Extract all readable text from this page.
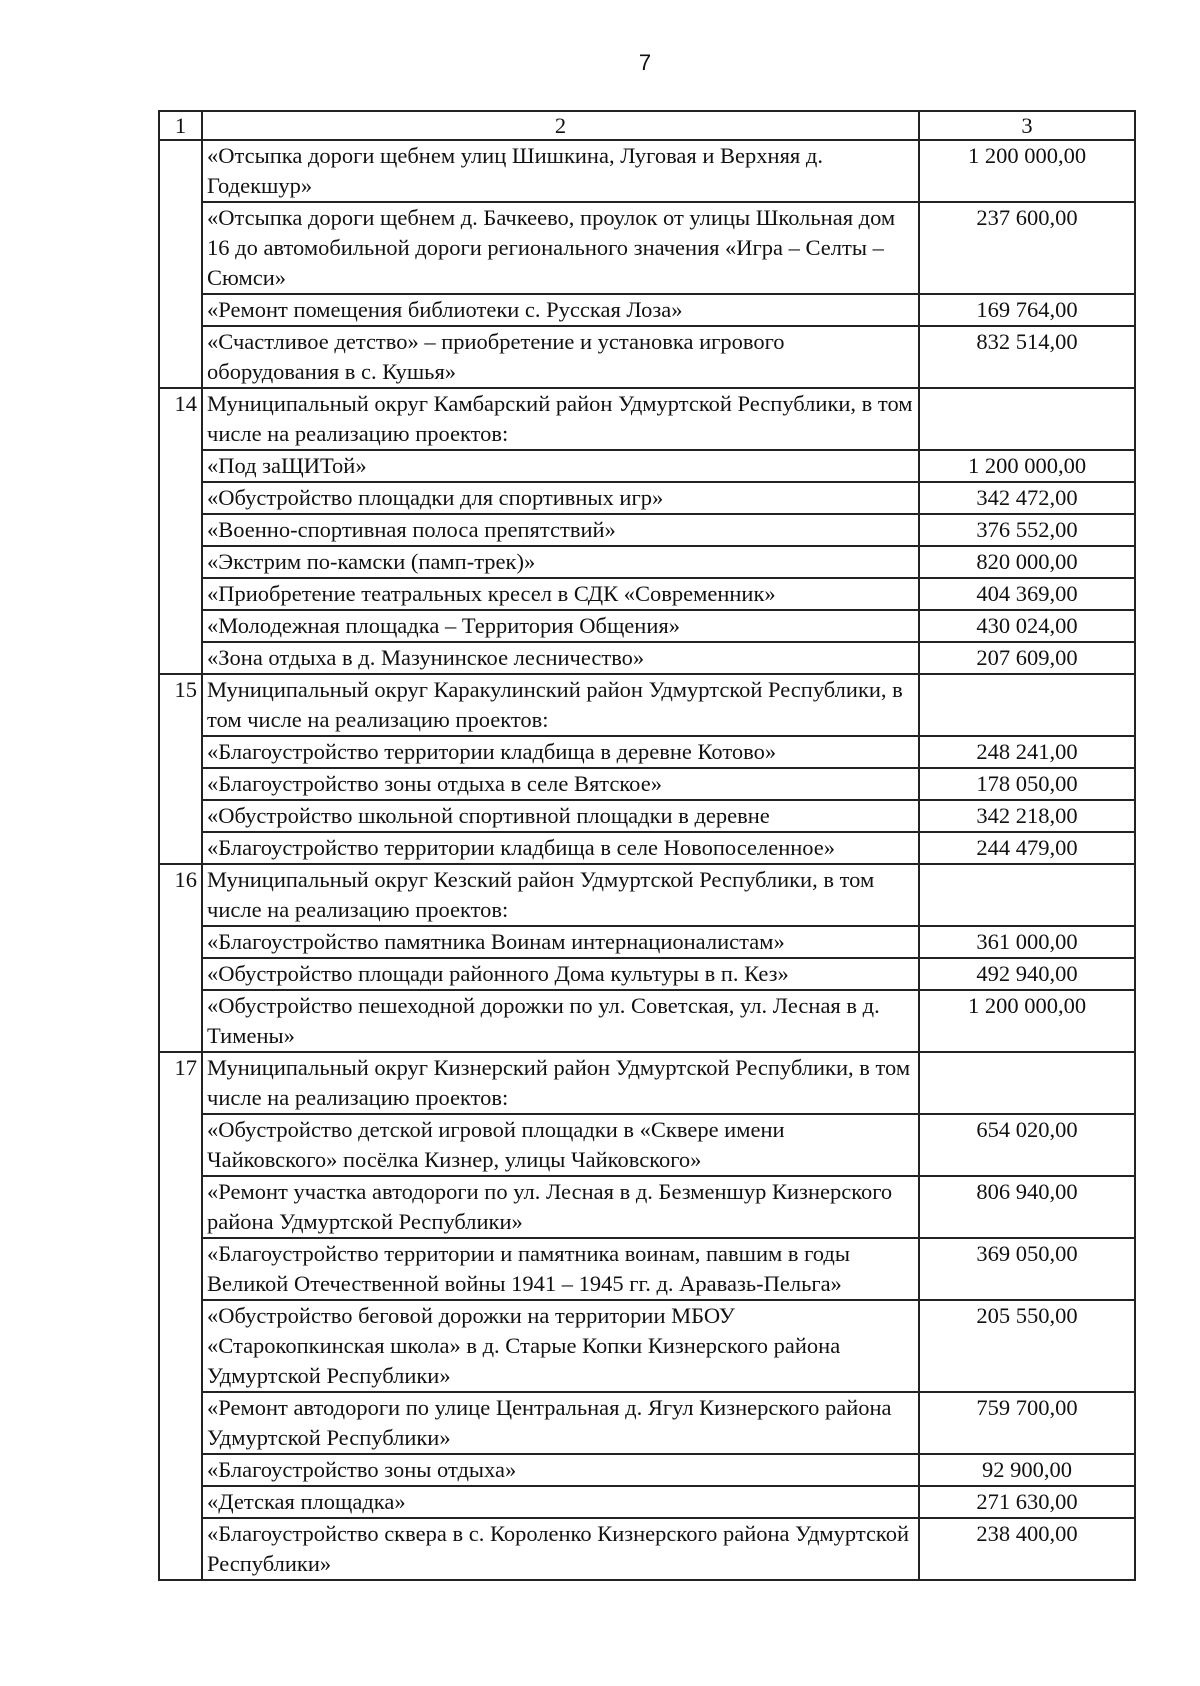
7
1	2	3
	«Отсыпка дороги щебнем улиц Шишкина, Луговая и Верхняя д. Годекшур»	1 200 000,00
	«Отсыпка дороги щебнем д. Бачкеево, проулок от улицы Школьная дом 16 до автомобильной дороги регионального значения «Игра – Селты – Сюмси»	237 600,00
	«Ремонт помещения библиотеки с. Русская Лоза»	169 764,00
	«Счастливое детство» – приобретение и установка игрового оборудования в с. Кушья»	832 514,00
14	Муниципальный округ Камбарский район Удмуртской Республики, в том числе на реализацию проектов:	
	«Под заЩИТой»	1 200 000,00
	«Обустройство площадки для спортивных игр»	342 472,00
	«Военно-спортивная полоса препятствий»	376 552,00
	«Экстрим по-камски (памп-трек)»	820 000,00
	«Приобретение театральных кресел в СДК «Современник»	404 369,00
	«Молодежная площадка – Территория Общения»	430 024,00
	«Зона отдыха в д. Мазунинское лесничество»	207 609,00
15	Муниципальный округ Каракулинский район Удмуртской Республики, в том числе на реализацию проектов:	
	«Благоустройство территории кладбища в деревне Котово»	248 241,00
	«Благоустройство зоны отдыха в селе Вятское»	178 050,00
	«Обустройство школьной спортивной площадки в деревне	342 218,00
	«Благоустройство территории кладбища в селе Новопоселенное»	244 479,00
16	Муниципальный округ Кезский район Удмуртской Республики, в том числе на реализацию проектов:	
	«Благоустройство памятника Воинам интернационалистам»	361 000,00
	«Обустройство площади районного Дома культуры в п. Кез»	492 940,00
	«Обустройство пешеходной дорожки по ул. Советская, ул. Лесная в д. Тимены»	1 200 000,00
17	Муниципальный округ Кизнерский район Удмуртской Республики, в том числе на реализацию проектов:	
	«Обустройство детской игровой площадки в «Сквере имени Чайковского» посёлка Кизнер, улицы Чайковского»	654 020,00
	«Ремонт участка автодороги по ул. Лесная в д. Безменшур Кизнерского района Удмуртской Республики»	806 940,00
	«Благоустройство территории и памятника воинам, павшим в годы Великой Отечественной войны 1941 – 1945 гг. д. Аравазь-Пельга»	369 050,00
	«Обустройство беговой дорожки на территории МБОУ «Старокопкинская школа» в д. Старые Копки Кизнерского района Удмуртской Республики»	205 550,00
	«Ремонт автодороги по улице Центральная д. Ягул Кизнерского района Удмуртской Республики»	759 700,00
	«Благоустройство зоны отдыха»	92 900,00
	«Детская площадка»	271 630,00
	«Благоустройство сквера в с. Короленко Кизнерского района Удмуртской Республики»	238 400,00
